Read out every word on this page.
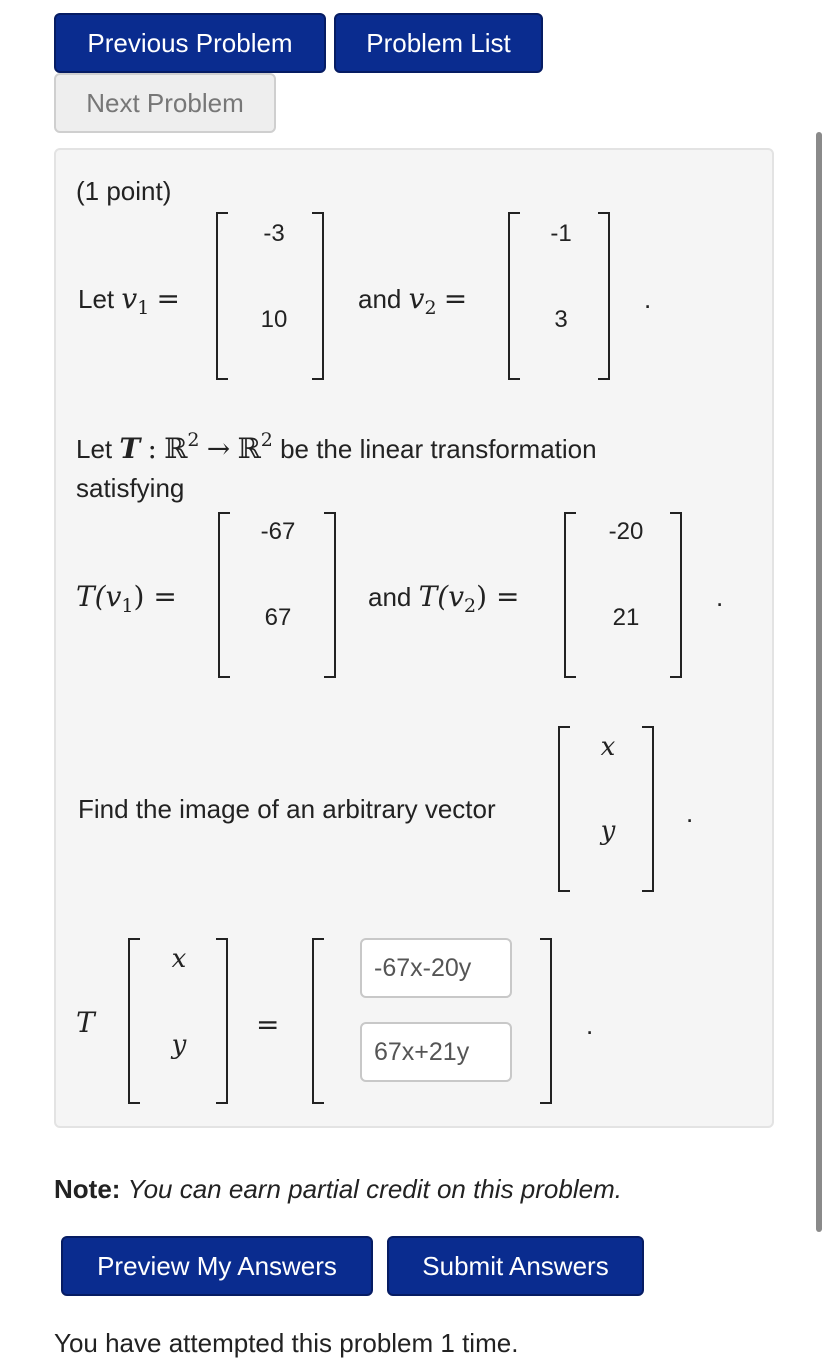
Previous Problem	Problem List
Next Problem
(1 point)
Let $v_1$ =
-3
10
and $v_2$ =
-1
3
.
Let T : ℝ$^2$ → ℝ$^2$ be the linear transformation
satisfying
$T(v_1)$ =
-67
67
and $T(v_2)$ =
-20
21
.
Find the image of an arbitrary vector
x
y
.
T
x
y
=
-67x-20y
67x+21y	.
Note: You can earn partial credit on this problem.
Preview My Answers	Submit Answers
You have attempted this problem 1 time.
